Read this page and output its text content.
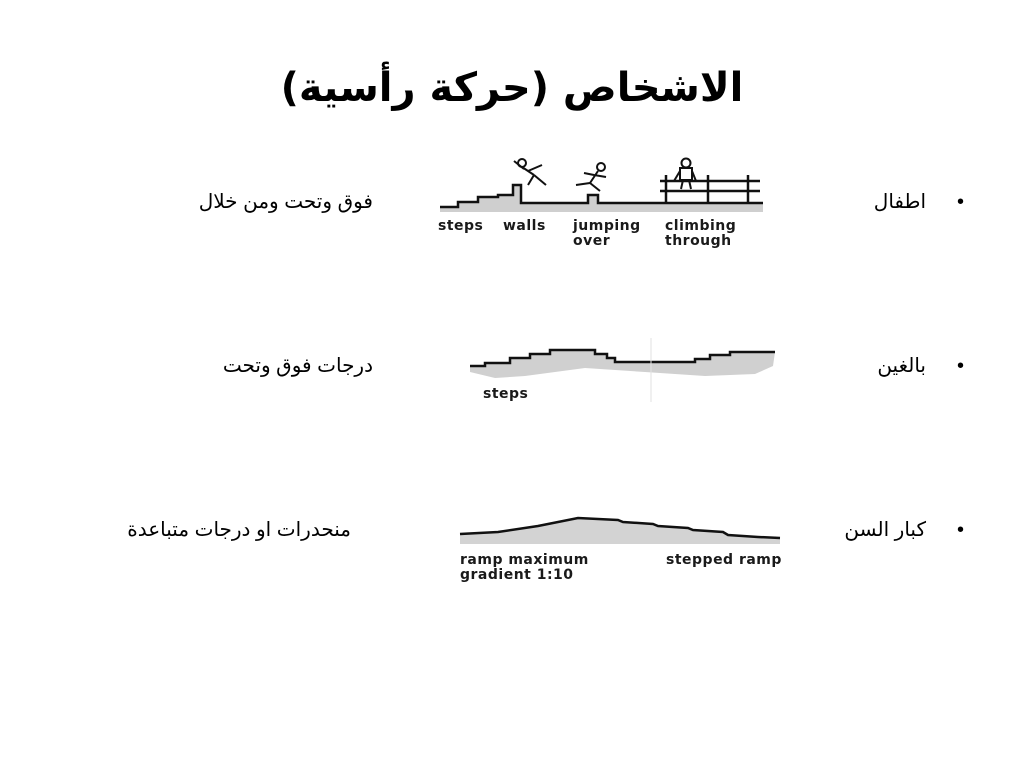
الاشخاص (حركة رأسية)
•
اطفال
فوق وتحت ومن خلال
steps walls jumping
over
climbing
through
•
بالغين
درجات فوق وتحت
steps
•
كبار السن
منحدرات او درجات متباعدة
ramp maximum
gradient 1:10
stepped ramp
